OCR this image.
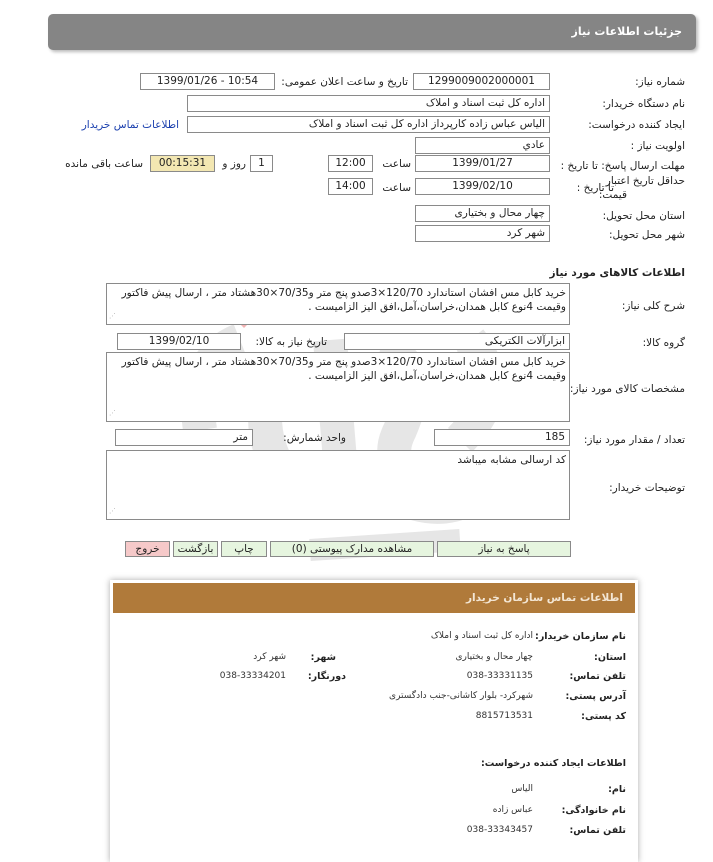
جزئيات اطلاعات نياز
شماره نياز:
1299009002000001
تاريخ و ساعت اعلان عمومی:
1399/01/26 - 10:54
نام دستگاه خريدار:
اداره کل ثبت اسناد و املاک
ايجاد کننده درخواست:
الياس عباس زاده کارپرداز اداره کل ثبت اسناد و املاک
اطلاعات تماس خريدار
اولويت نياز :
عادي
مهلت ارسال پاسخ: تا تاريخ :
1399/01/27
ساعت
12:00
1
روز و
00:15:31
ساعت باقی مانده
حداقل تاريخ اعتبار
قيمت:
تا تاريخ :
1399/02/10
ساعت
14:00
استان محل تحويل:
چهار محال و بختياری
شهر محل تحويل:
شهر کرد
اطلاعات کالاهای مورد نياز
شرح کلی نياز:
خريد کابل مس افشان استاندارد 120/70×3صدو پنج متر و70/35×30هشتاد متر ، ارسال پيش فاکتور وقيمت 4نوع کابل همدان،خراسان،آمل،افق اليز الزاميست .
⋰
گروه کالا:
ابزارآلات الکتريکی
تاريخ نياز به کالا:
1399/02/10
مشخصات کالای مورد نياز:
خريد کابل مس افشان استاندارد 120/70×3صدو پنج متر و70/35×30هشتاد متر ، ارسال پيش فاکتور وقيمت 4نوع کابل همدان،خراسان،آمل،افق اليز الزاميست .
⋰
تعداد / مقدار مورد نياز:
185
واحد شمارش:
متر
توضيحات خريدار:
کد ارسالی مشابه ميباشد
⋰
پاسخ به نياز
مشاهده مدارک پيوستی (0)
چاپ
بازگشت
خروج
اطلاعات تماس سازمان خريدار
نام سازمان خريدار:
اداره کل ثبت اسناد و املاک
استان:
چهار محال و بختياری
شهر:
شهر کرد
تلفن تماس:
038-33331135
دورنگار:
038-33334201
آدرس پستی:
شهرکرد- بلوار کاشانی-جنب دادگستری
کد پستی:
8815713531
اطلاعات ايجاد کننده درخواست:
نام:
الياس
نام خانوادگی:
عباس زاده
تلفن تماس:
038-33343457
